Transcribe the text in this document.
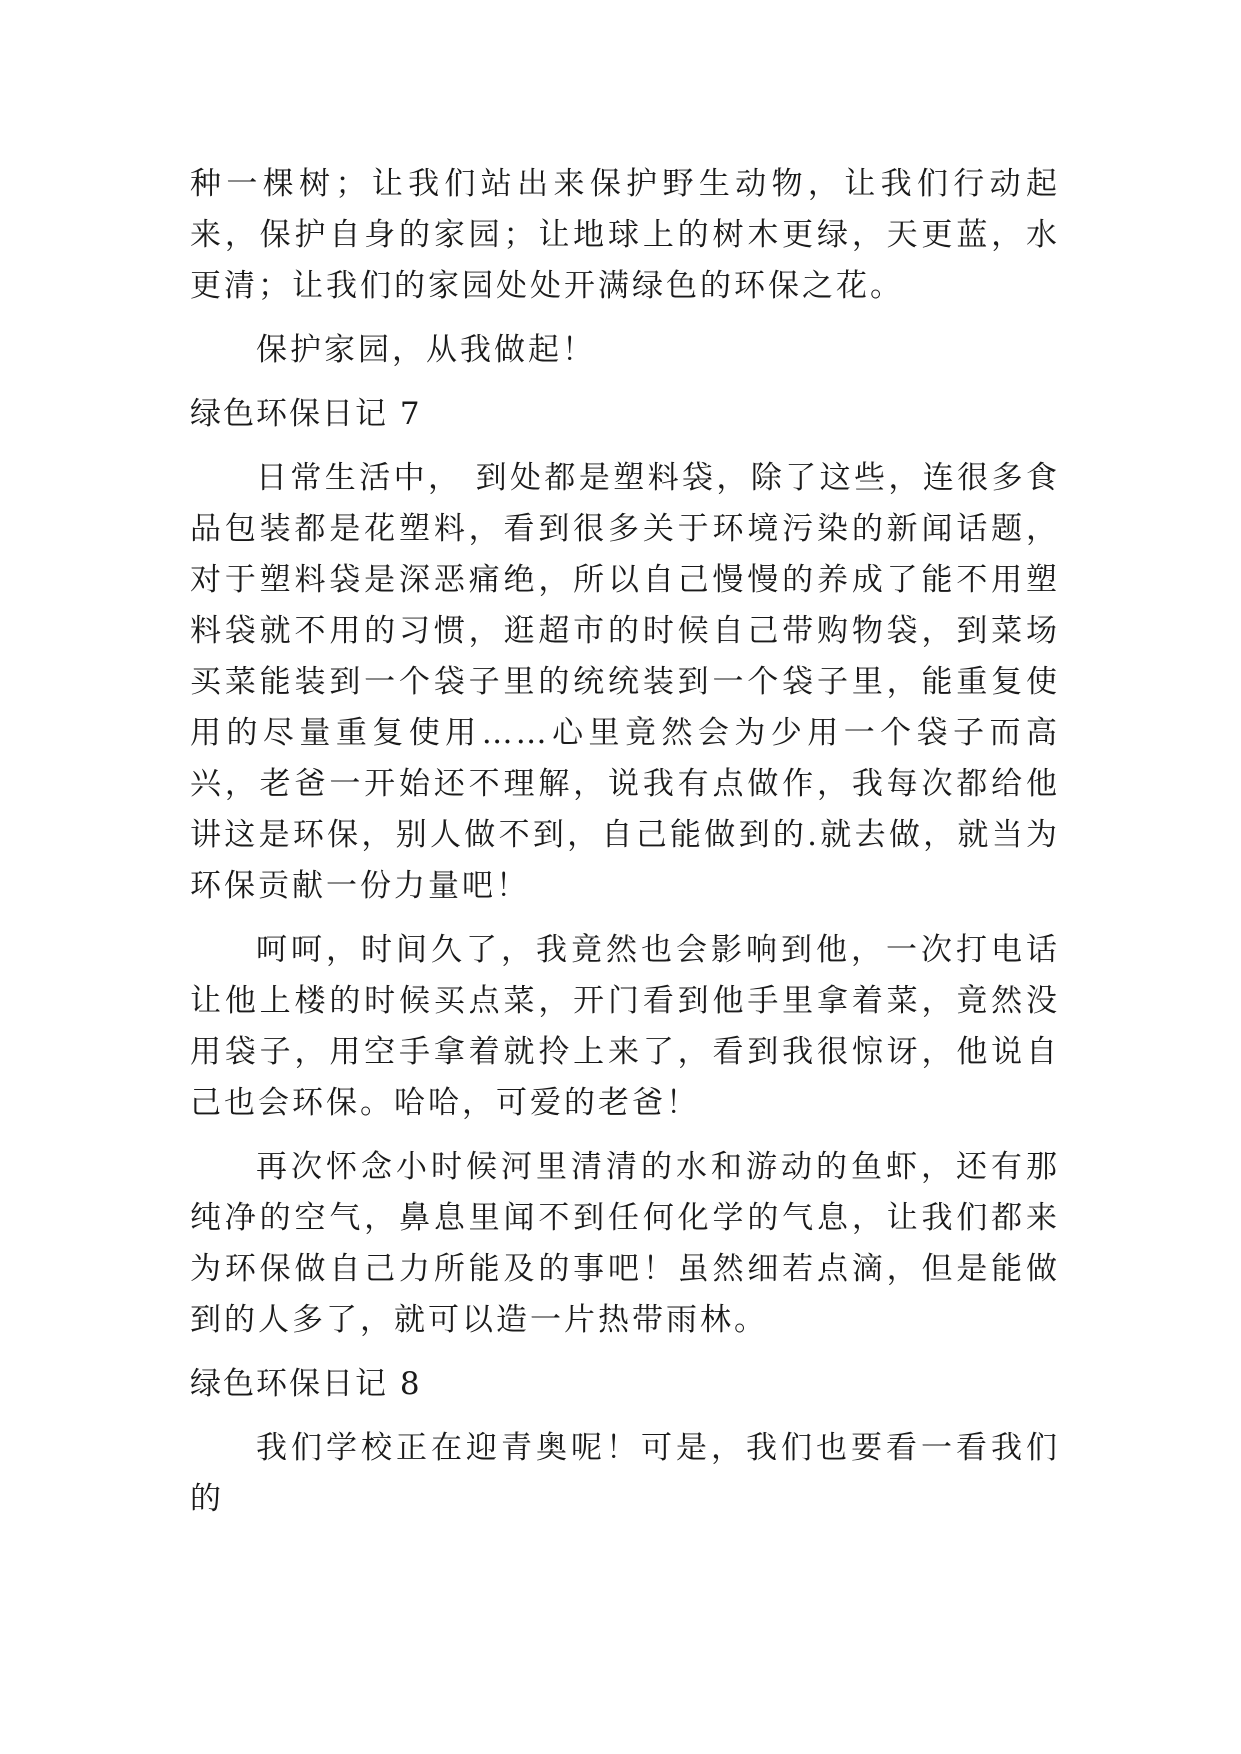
种一棵树；让我们站出来保护野生动物，让我们行动起来，保护自身的家园；让地球上的树木更绿，天更蓝，水更清；让我们的家园处处开满绿色的环保之花。

保护家园，从我做起！

绿色环保日记 7

日常生活中， 到处都是塑料袋，除了这些，连很多食品包装都是花塑料，看到很多关于环境污染的新闻话题，对于塑料袋是深恶痛绝，所以自己慢慢的养成了能不用塑料袋就不用的习惯，逛超市的时候自己带购物袋，到菜场买菜能装到一个袋子里的统统装到一个袋子里，能重复使用的尽量重复使用……心里竟然会为少用一个袋子而高兴，老爸一开始还不理解，说我有点做作，我每次都给他讲这是环保，别人做不到，自己能做到的.就去做，就当为环保贡献一份力量吧！

呵呵，时间久了，我竟然也会影响到他，一次打电话让他上楼的时候买点菜，开门看到他手里拿着菜，竟然没用袋子，用空手拿着就拎上来了，看到我很惊讶，他说自己也会环保。哈哈，可爱的老爸！

再次怀念小时候河里清清的水和游动的鱼虾，还有那纯净的空气，鼻息里闻不到任何化学的气息，让我们都来为环保做自己力所能及的事吧！虽然细若点滴，但是能做到的人多了，就可以造一片热带雨林。

绿色环保日记 8

我们学校正在迎青奥呢！可是，我们也要看一看我们的
